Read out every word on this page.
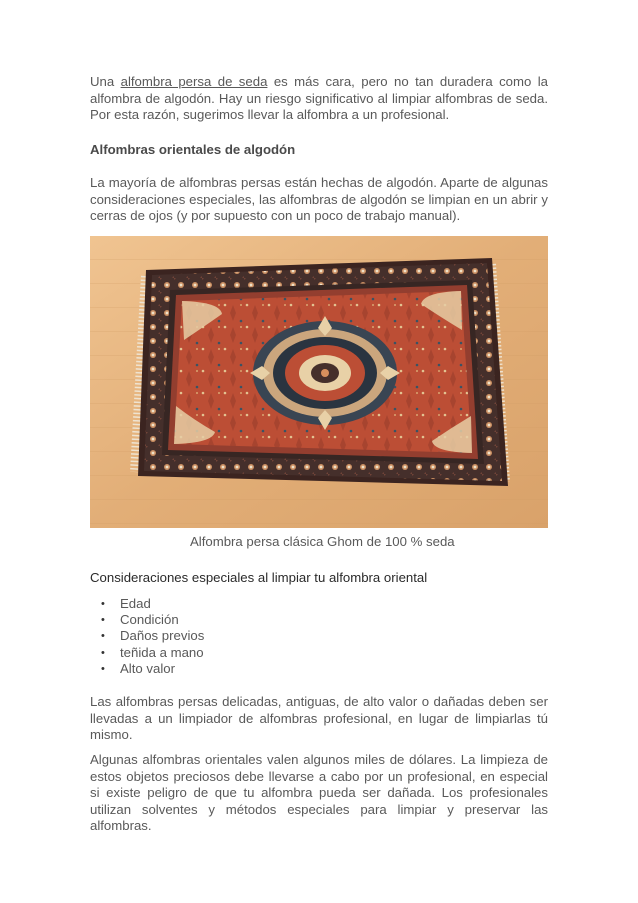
Una alfombra persa de seda es más cara, pero no tan duradera como la alfombra de algodón. Hay un riesgo significativo al limpiar alfombras de seda. Por esta razón, sugerimos llevar la alfombra a un profesional.

Alfombras orientales de algodón

La mayoría de alfombras persas están hechas de algodón. Aparte de algunas consideraciones especiales, las alfombras de algodón se limpian en un abrir y cerras de ojos (y por supuesto con un poco de trabajo manual).

Alfombra persa clásica Ghom de 100 % seda

Consideraciones especiales al limpiar tu alfombra oriental
• Edad
• Condición
• Daños previos
• teñida a mano
• Alto valor

Las alfombras persas delicadas, antiguas, de alto valor o dañadas deben ser llevadas a un limpiador de alfombras profesional, en lugar de limpiarlas tú mismo.

Algunas alfombras orientales valen algunos miles de dólares. La limpieza de estos objetos preciosos debe llevarse a cabo por un profesional, en especial si existe peligro de que tu alfombra pueda ser dañada. Los profesionales utilizan solventes y métodos especiales para limpiar y preservar las alfombras.
